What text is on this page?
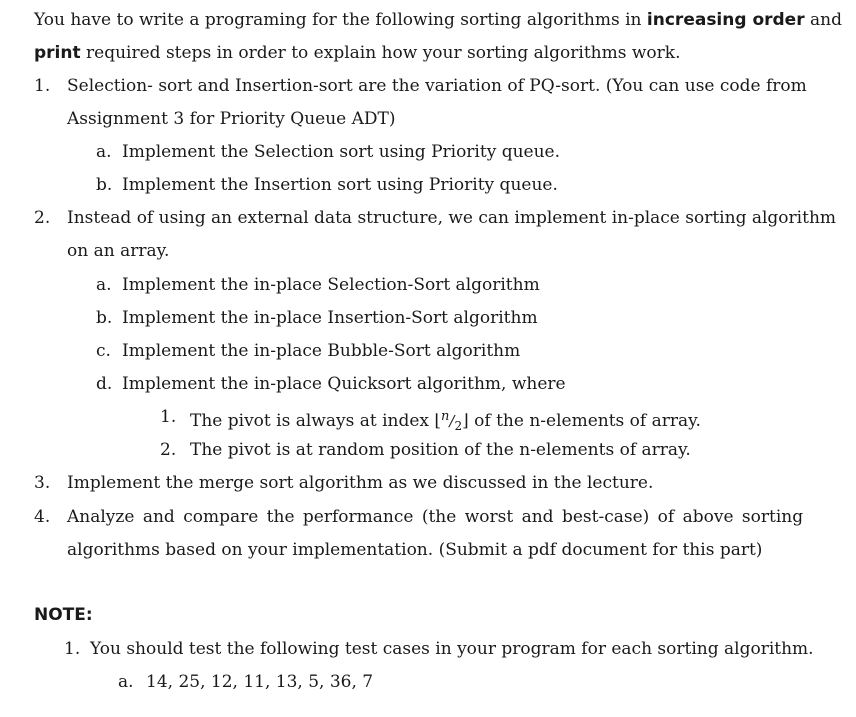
You have to write a programing for the following sorting algorithms in increasing order and
print required steps in order to explain how your sorting algorithms work.
1. Selection- sort and Insertion-sort are the variation of PQ-sort. (You can use code from
Assignment 3 for Priority Queue ADT)
a. Implement the Selection sort using Priority queue.
b. Implement the Insertion sort using Priority queue.
2. Instead of using an external data structure, we can implement in-place sorting algorithm
on an array.
a. Implement the in-place Selection-Sort algorithm
b. Implement the in-place Insertion-Sort algorithm
c. Implement the in-place Bubble-Sort algorithm
d. Implement the in-place Quicksort algorithm, where
1. The pivot is always at index $⌊^n/_2⌋$ of the n-elements of array.
2. The pivot is at random position of the n-elements of array.
3. Implement the merge sort algorithm as we discussed in the lecture.
4. Analyze and compare the performance (the worst and best-case) of above sorting
algorithms based on your implementation. (Submit a pdf document for this part)
NOTE:
1. You should test the following test cases in your program for each sorting algorithm.
a. 14, 25, 12, 11, 13, 5, 36, 7
